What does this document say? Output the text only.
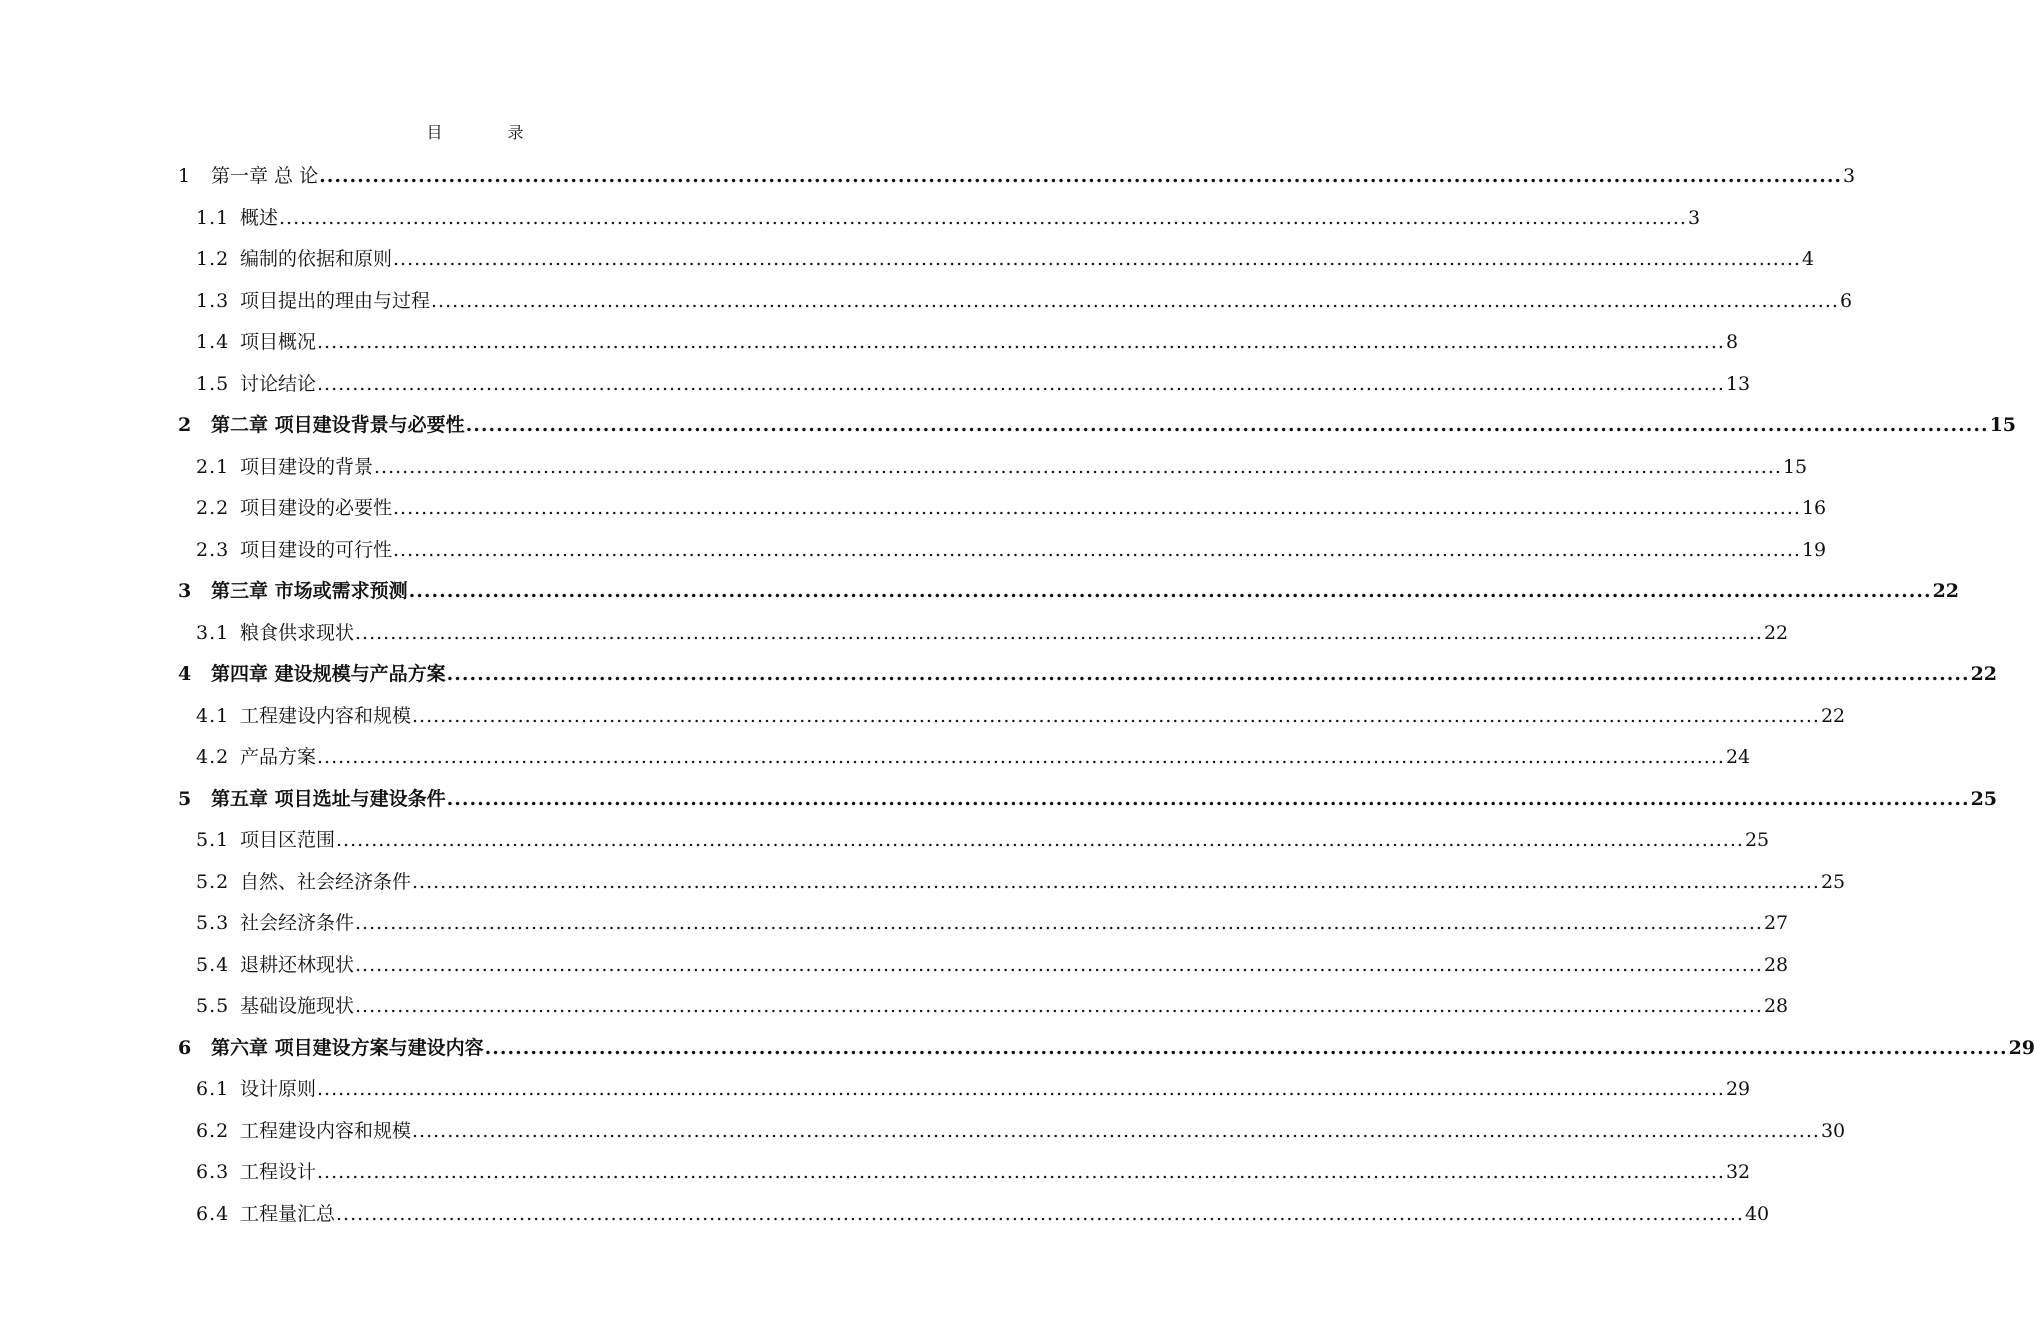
目 录
1	第一章 总 论 ........................................................................................................................................................................................................ 3
1.1 概述 ........................................................................................................................................................................................................ 3
1.2 编制的依据和原则 ........................................................................................................................................................................................................ 4
1.3 项目提出的理由与过程 ........................................................................................................................................................................................................ 6
1.4 项目概况 ........................................................................................................................................................................................................ 8
1.5 讨论结论 ........................................................................................................................................................................................................ 13
2	第二章 项目建设背景与必要性 ........................................................................................................................................................................................................ 15
2.1 项目建设的背景 ........................................................................................................................................................................................................ 15
2.2 项目建设的必要性 ........................................................................................................................................................................................................ 16
2.3 项目建设的可行性 ........................................................................................................................................................................................................ 19
3	第三章 市场或需求预测 ........................................................................................................................................................................................................ 22
3.1 粮食供求现状 ........................................................................................................................................................................................................ 22
4	第四章 建设规模与产品方案 ........................................................................................................................................................................................................ 22
4.1 工程建设内容和规模 ........................................................................................................................................................................................................ 22
4.2 产品方案 ........................................................................................................................................................................................................ 24
5	第五章 项目选址与建设条件 ........................................................................................................................................................................................................ 25
5.1 项目区范围 ........................................................................................................................................................................................................ 25
5.2 自然、社会经济条件 ........................................................................................................................................................................................................ 25
5.3 社会经济条件 ........................................................................................................................................................................................................ 27
5.4 退耕还林现状 ........................................................................................................................................................................................................ 28
5.5 基础设施现状 ........................................................................................................................................................................................................ 28
6	第六章 项目建设方案与建设内容 ........................................................................................................................................................................................................ 29
6.1 设计原则 ........................................................................................................................................................................................................ 29
6.2 工程建设内容和规模 ........................................................................................................................................................................................................ 30
6.3 工程设计 ........................................................................................................................................................................................................ 32
6.4 工程量汇总 ........................................................................................................................................................................................................ 40
